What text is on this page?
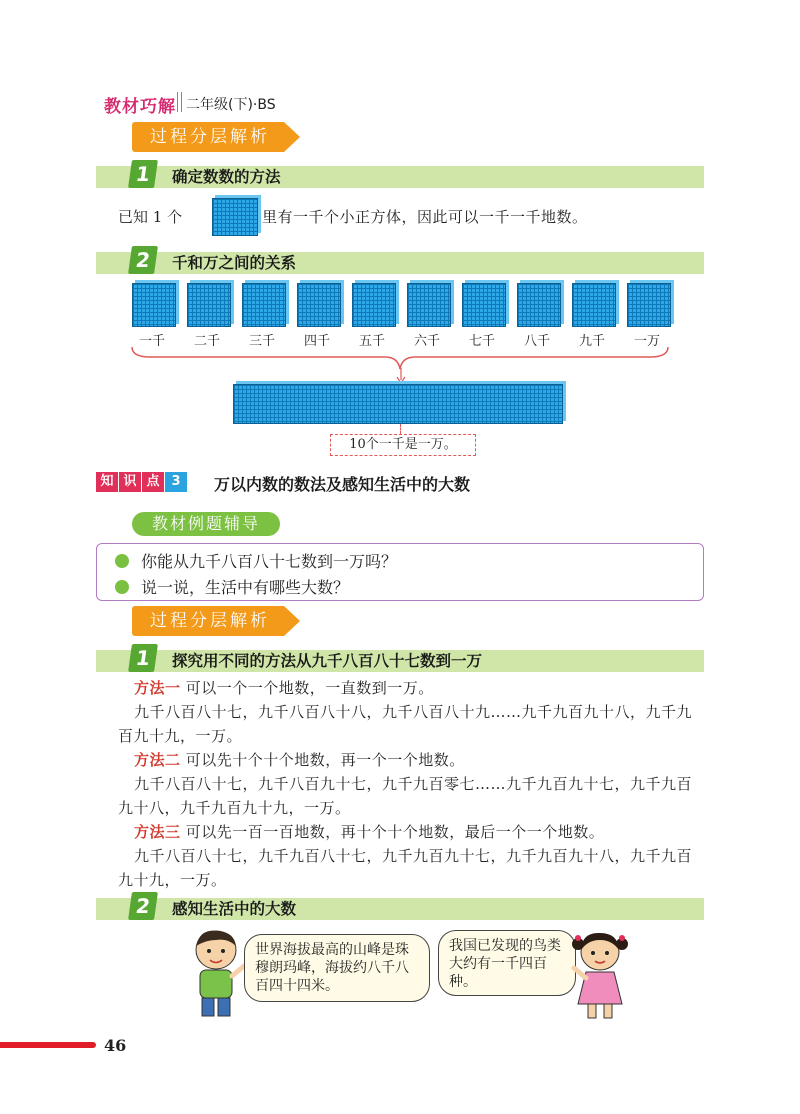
教材巧解 二年级(下)·BS
过程分层解析
1	确定数数的方法
已知 1 个	里有一千个小正方体，因此可以一千一千地数。
2	千和万之间的关系
一千	二千	三千	四千	五千	六千	七千	八千	九千	一万
10个一千是一万。
知 识 点 3	万以内数的数法及感知生活中的大数
教材例题辅导
你能从九千八百八十七数到一万吗？
说一说，生活中有哪些大数？
过程分层解析
1	探究用不同的方法从九千八百八十七数到一万
方法一 可以一个一个地数，一直数到一万。
九千八百八十七，九千八百八十八，九千八百八十九……九千九百九十八，九千九百九十九，一万。
方法二 可以先十个十个地数，再一个一个地数。
九千八百八十七，九千八百九十七，九千九百零七……九千九百九十七，九千九百九十八，九千九百九十九，一万。
方法三 可以先一百一百地数，再十个十个地数，最后一个一个地数。
九千八百八十七，九千九百八十七，九千九百九十七，九千九百九十八，九千九百九十九，一万。
2	感知生活中的大数
世界海拔最高的山峰是珠穆朗玛峰，海拔约八千八百四十四米。
我国已发现的鸟类大约有一千四百种。
46
